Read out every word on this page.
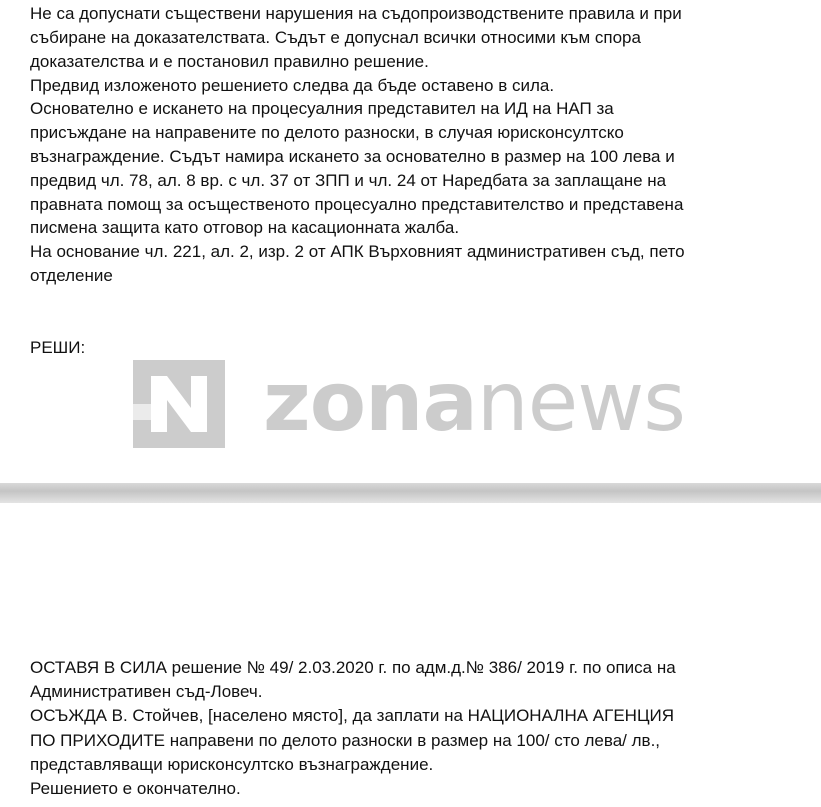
Не са допуснати съществени нарушения на съдопроизводствените правила и при
събиране на доказателствата. Съдът е допуснал всички относими към спора
доказателства и е постановил правилно решение.
Предвид изложеното решението следва да бъде оставено в сила.
Основателно е искането на процесуалния представител на ИД на НАП за
присъждане на направените по делото разноски, в случая юрисконсултско
възнаграждение. Съдът намира искането за основателно в размер на 100 лева и
предвид чл. 78, ал. 8 вр. с чл. 37 от ЗПП и чл. 24 от Наредбата за заплащане на
правната помощ за осъщественото процесуално представителство и представена
писмена защита като отговор на касационната жалба.
На основание чл. 221, ал. 2, изр. 2 от АПК Върховният административен съд, пето
отделение
РЕШИ:
zonanews
ОСТАВЯ В СИЛА решение № 49/ 2.03.2020 г. по адм.д.№ 386/ 2019 г. по описа на
Административен съд-Ловеч.
ОСЪЖДА В. Стойчев, [населено място], да заплати на НАЦИОНАЛНА АГЕНЦИЯ
ПО ПРИХОДИТЕ направени по делото разноски в размер на 100/ сто лева/ лв.,
представляващи юрисконсултско възнаграждение.
Решението е окончателно.
